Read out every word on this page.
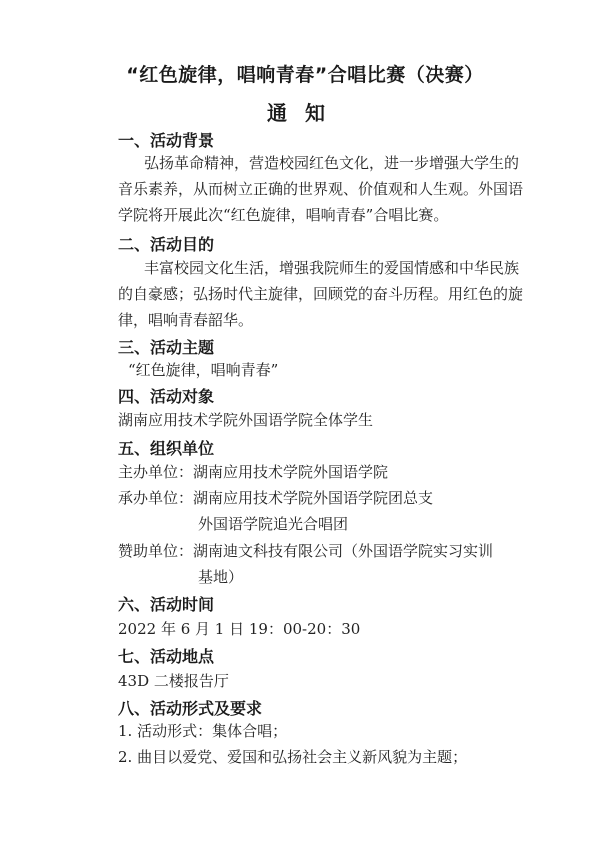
“红色旋律，唱响青春”合唱比赛（决赛）
通知
一、活动背景
弘扬革命精神，营造校园红色文化，进一步增强大学生的
音乐素养，从而树立正确的世界观、价值观和人生观。外国语
学院将开展此次“红色旋律，唱响青春”合唱比赛。
二、活动目的
丰富校园文化生活，增强我院师生的爱国情感和中华民族
的自豪感；弘扬时代主旋律，回顾党的奋斗历程。用红色的旋
律，唱响青春韶华。
三、活动主题
“红色旋律，唱响青春”
四、活动对象
湖南应用技术学院外国语学院全体学生
五、组织单位
主办单位：湖南应用技术学院外国语学院
承办单位：湖南应用技术学院外国语学院团总支
外国语学院追光合唱团
赞助单位：湖南迪文科技有限公司（外国语学院实习实训
基地）
六、活动时间
2022 年 6 月 1 日 19：00-20：30
七、活动地点
43D 二楼报告厅
八、活动形式及要求
1. 活动形式：集体合唱；
2. 曲目以爱党、爱国和弘扬社会主义新风貌为主题；
